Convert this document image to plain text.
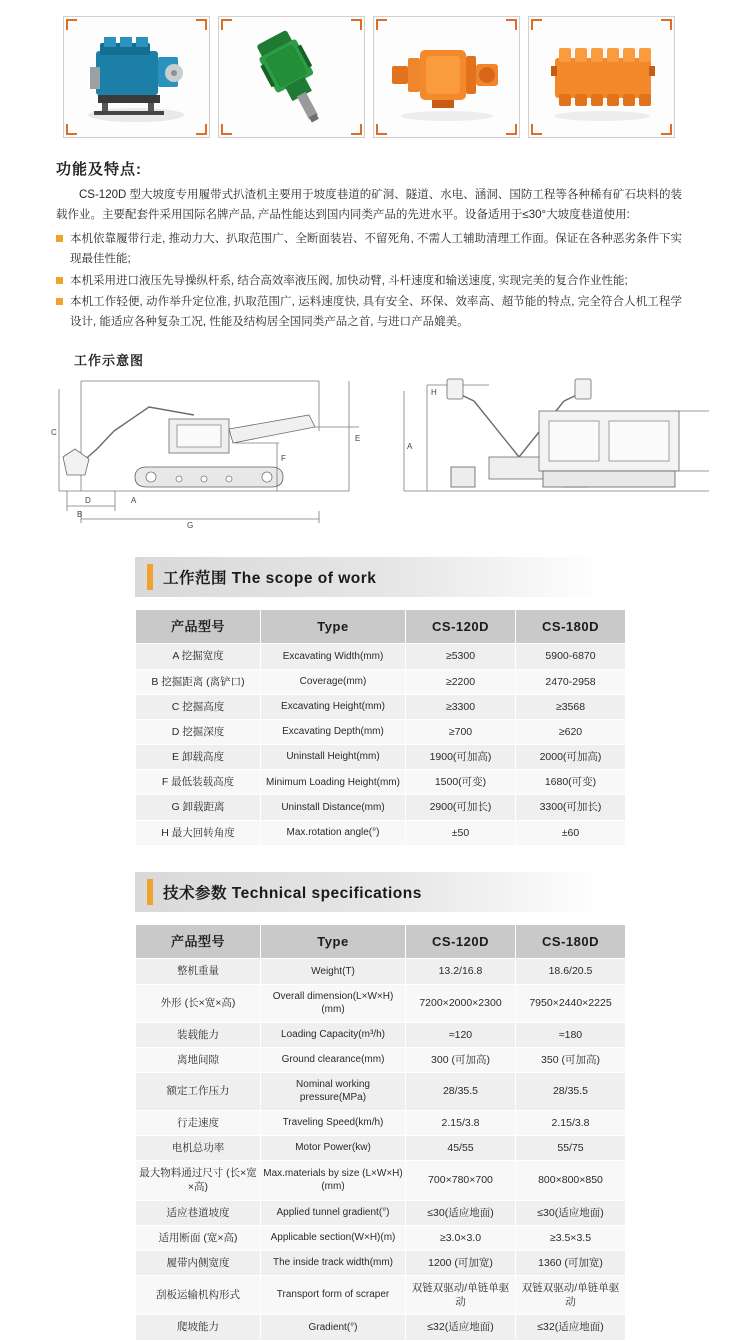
功能及特点:
CS-120D 型大坡度专用履带式扒渣机主要用于坡度巷道的矿洞、隧道、水电、涵洞、国防工程等各种稀有矿石块料的装载作业。主要配套件采用国际名牌产品, 产品性能达到国内同类产品的先进水平。设备适用于≤30°大坡度巷道使用:
本机依靠履带行走, 推动力大、扒取范围广、全断面装岩、不留死角, 不需人工辅助清理工作面。保证在各种恶劣条件下实现最佳性能;
本机采用进口液压先导操纵杆系, 结合高效率液压阀, 加快动臂, 斗杆速度和输送速度, 实现完美的复合作业性能;
本机工作轻便, 动作举升定位准, 扒取范围广, 运料速度快, 具有安全、环保、效率高、超节能的特点, 完全符合人机工程学设计, 能适应各种复杂工况, 性能及结构居全国同类产品之首, 与进口产品媲美。
工作示意图
C
D
B
G
F
E
A
H
A
工作范围 The scope of work
产品型号	Type	CS-120D	CS-180D
A 挖掘宽度	Excavating Width(mm)	≥5300	5900-6870
B 挖掘距离 (离铲口)	Coverage(mm)	≥2200	2470-2958
C 挖掘高度	Excavating Height(mm)	≥3300	≥3568
D 挖掘深度	Excavating Depth(mm)	≥700	≥620
E 卸载高度	Uninstall Height(mm)	1900(可加高)	2000(可加高)
F 最低装载高度	Minimum Loading Height(mm)	1500(可变)	1680(可变)
G 卸载距离	Uninstall Distance(mm)	2900(可加长)	3300(可加长)
H 最大回转角度	Max.rotation angle(°)	±50	±60
技术参数 Technical specifications
产品型号	Type	CS-120D	CS-180D
整机重量	Weight(T)	13.2/16.8	18.6/20.5
外形 (长×宽×高)	Overall dimension(L×W×H)(mm)	7200×2000×2300	7950×2440×2225
装载能力	Loading Capacity(m³/h)	≈120	≈180
离地间隙	Ground clearance(mm)	300 (可加高)	350 (可加高)
额定工作压力	Nominal working pressure(MPa)	28/35.5	28/35.5
行走速度	Traveling Speed(km/h)	2.15/3.8	2.15/3.8
电机总功率	Motor Power(kw)	45/55	55/75
最大物料通过尺寸 (长×宽×高)	Max.materials by size (L×W×H) (mm)	700×780×700	800×800×850
适应巷道坡度	Applied tunnel gradient(°)	≤30(适应地面)	≤30(适应地面)
适用断面 (宽×高)	Applicable section(W×H)(m)	≥3.0×3.0	≥3.5×3.5
履带内侧宽度	The inside track width(mm)	1200 (可加宽)	1360 (可加宽)
刮板运输机构形式	Transport form of scraper	双链双驱动/单链单驱动	双链双驱动/单链单驱动
爬坡能力	Gradient(°)	≤32(适应地面)	≤32(适应地面)
